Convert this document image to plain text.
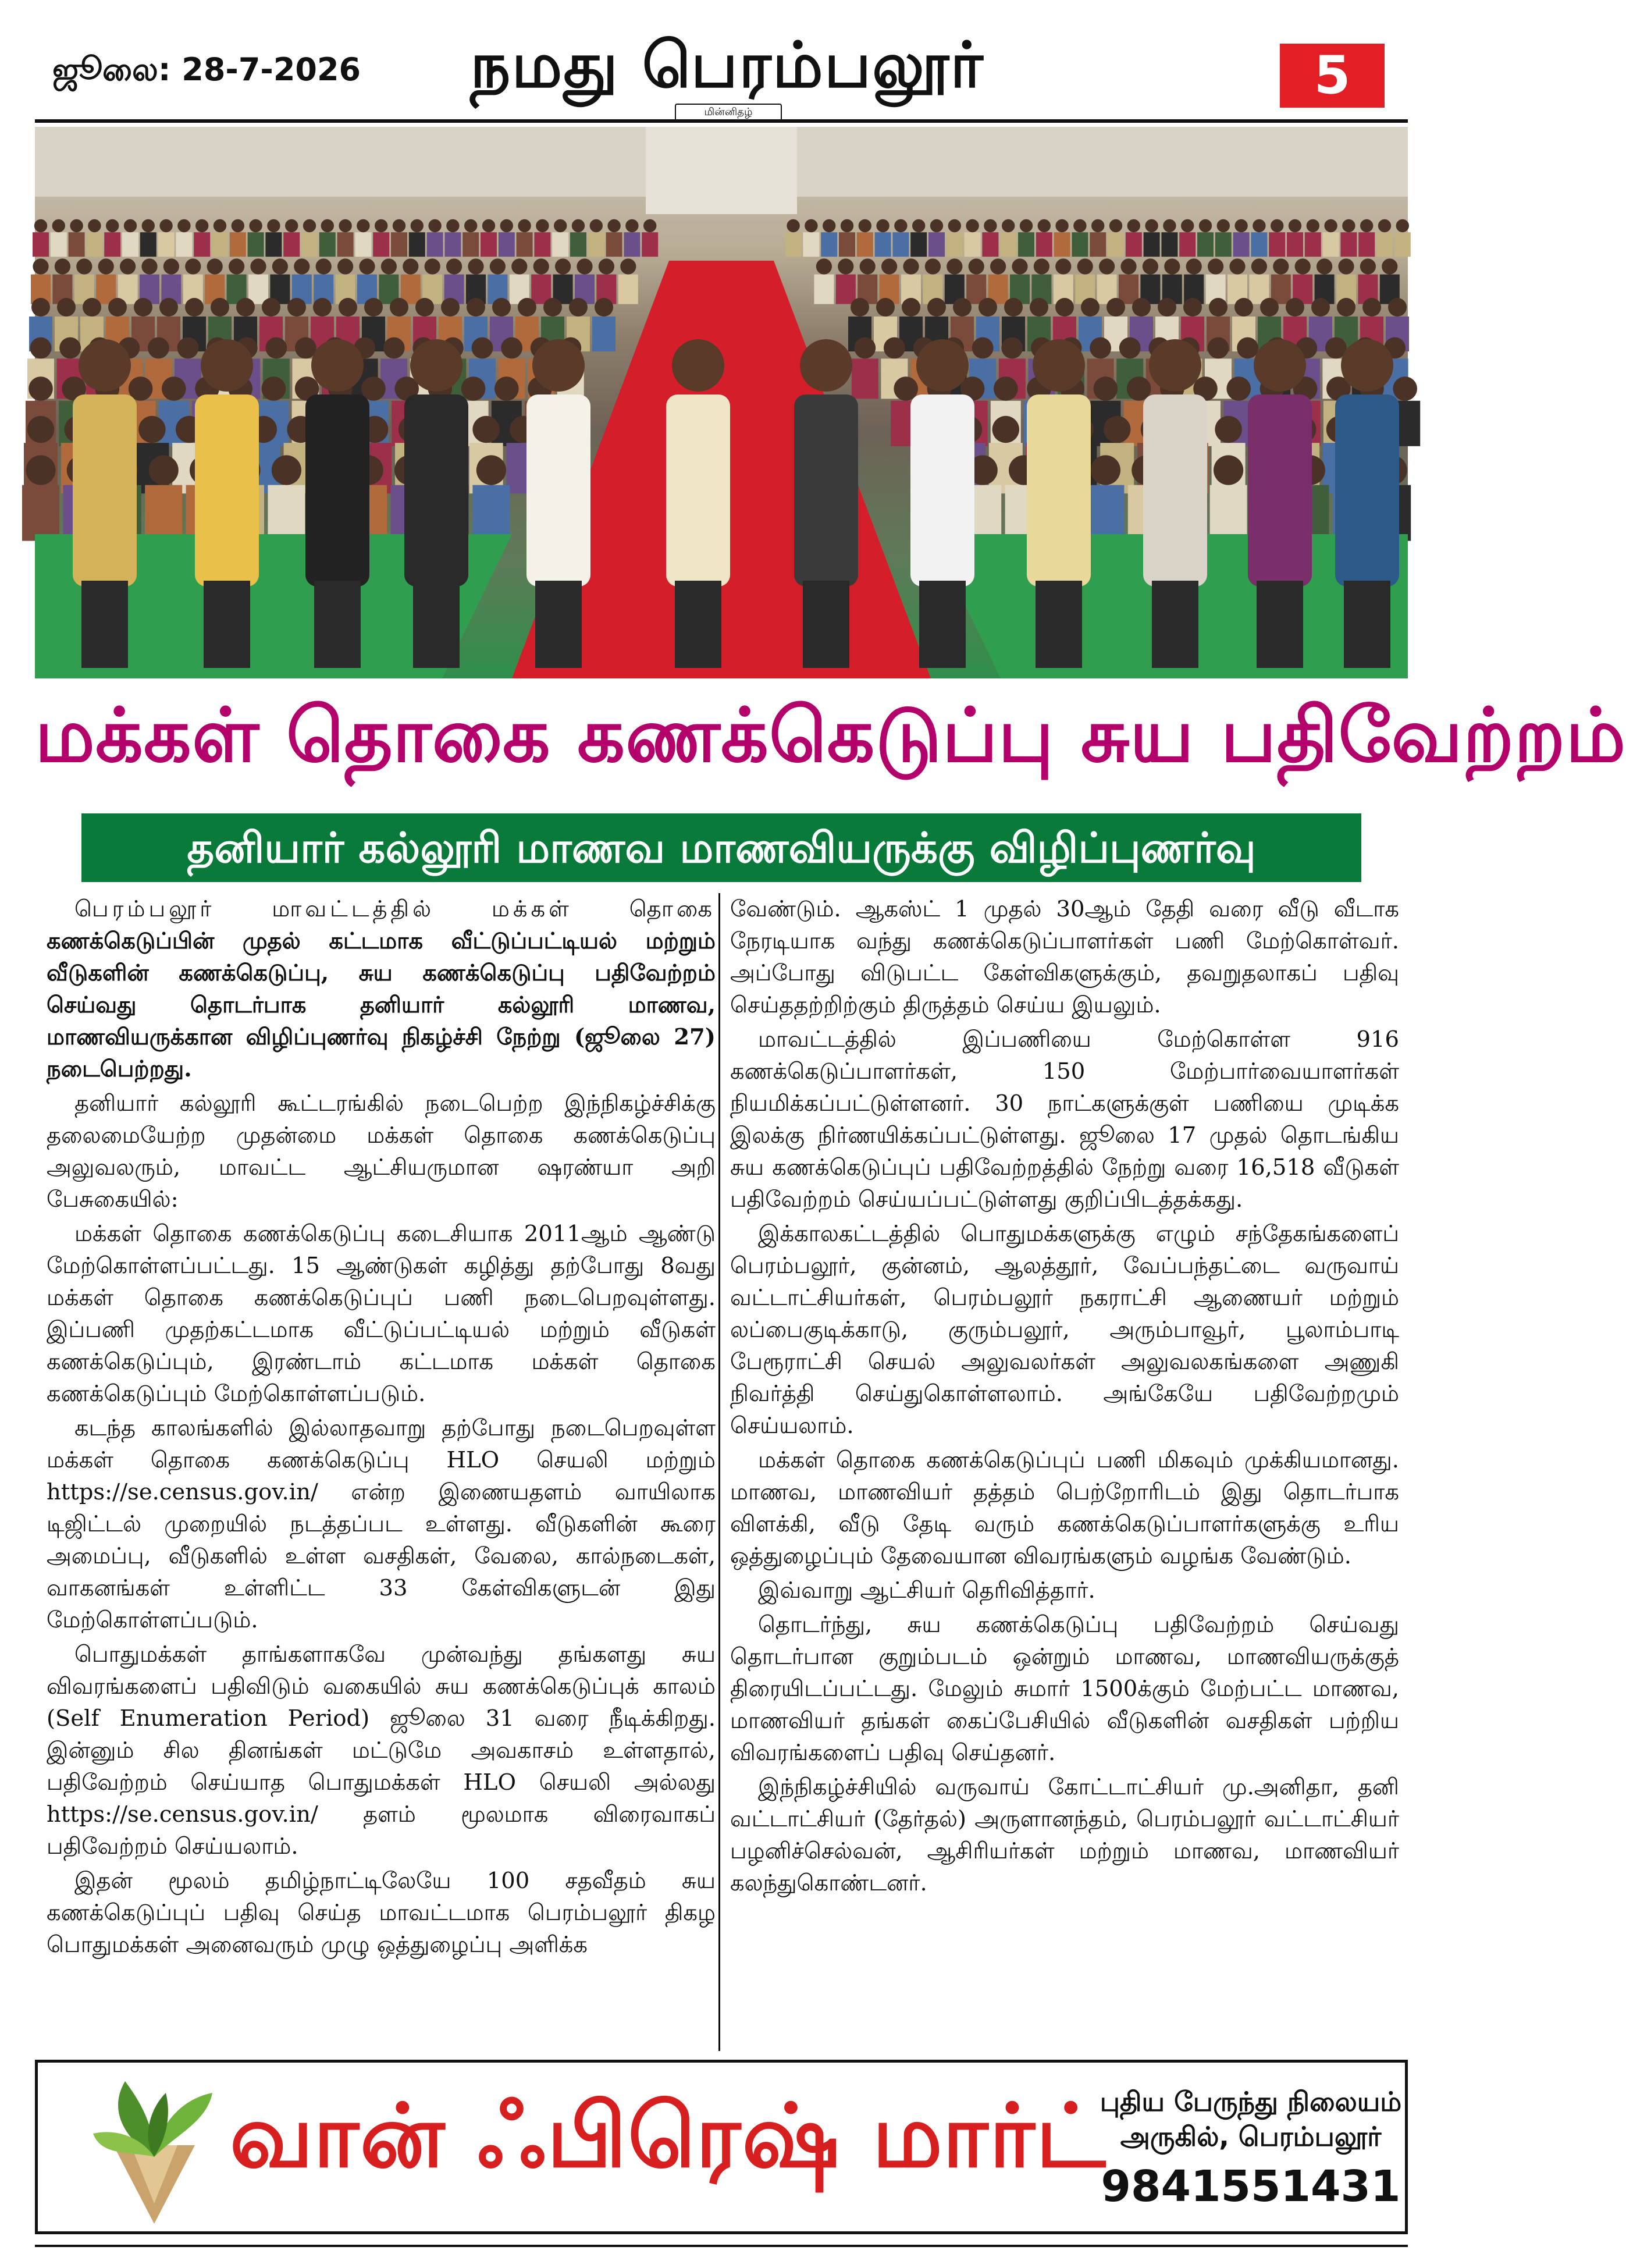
ஜூலை: 28-7-2026	நமது பெரம்பலூர்
மின்னிதழ்
5
மக்கள் தொகை கணக்கெடுப்பு சுய பதிவேற்றம்
தனியார் கல்லூரி மாணவ மாணவியருக்கு விழிப்புணர்வு

பெரம்பலூர் மாவட்டத்தில் மக்கள் தொகை கணக்கெடுப்பின் முதல் கட்டமாக வீட்டுப்பட்டியல் மற்றும் வீடுகளின் கணக்கெடுப்பு, சுய கணக்கெடுப்பு பதிவேற்றம் செய்வது தொடர்பாக தனியார் கல்லூரி மாணவ, மாணவியருக்கான விழிப்புணர்வு நிகழ்ச்சி நேற்று (ஜூலை 27) நடைபெற்றது.

தனியார் கல்லூரி கூட்டரங்கில் நடைபெற்ற இந்நிகழ்ச்சிக்கு தலைமையேற்ற முதன்மை மக்கள் தொகை கணக்கெடுப்பு அலுவலரும், மாவட்ட ஆட்சியருமான ஷரண்யா அறி பேசுகையில்:

மக்கள் தொகை கணக்கெடுப்பு கடைசியாக 2011ஆம் ஆண்டு மேற்கொள்ளப்பட்டது. 15 ஆண்டுகள் கழித்து தற்போது 8வது மக்கள் தொகை கணக்கெடுப்புப் பணி நடைபெறவுள்ளது. இப்பணி முதற்கட்டமாக வீட்டுப்பட்டியல் மற்றும் வீடுகள் கணக்கெடுப்பும், இரண்டாம் கட்டமாக மக்கள் தொகை கணக்கெடுப்பும் மேற்கொள்ளப்படும்.

கடந்த காலங்களில் இல்லாதவாறு தற்போது நடைபெறவுள்ள மக்கள் தொகை கணக்கெடுப்பு HLO செயலி மற்றும் https://se.census.gov.in/ என்ற இணையதளம் வாயிலாக டிஜிட்டல் முறையில் நடத்தப்பட உள்ளது. வீடுகளின் கூரை அமைப்பு, வீடுகளில் உள்ள வசதிகள், வேலை, கால்நடைகள், வாகனங்கள் உள்ளிட்ட 33 கேள்விகளுடன் இது மேற்கொள்ளப்படும்.

பொதுமக்கள் தாங்களாகவே முன்வந்து தங்களது சுய விவரங்களைப் பதிவிடும் வகையில் சுய கணக்கெடுப்புக் காலம் (Self Enumeration Period) ஜூலை 31 வரை நீடிக்கிறது. இன்னும் சில தினங்கள் மட்டுமே அவகாசம் உள்ளதால், பதிவேற்றம் செய்யாத பொதுமக்கள் HLO செயலி அல்லது https://se.census.gov.in/ தளம் மூலமாக விரைவாகப் பதிவேற்றம் செய்யலாம்.

இதன் மூலம் தமிழ்நாட்டிலேயே 100 சதவீதம் சுய கணக்கெடுப்புப் பதிவு செய்த மாவட்டமாக பெரம்பலூர் திகழ பொதுமக்கள் அனைவரும் முழு ஒத்துழைப்பு அளிக்க

வேண்டும். ஆகஸ்ட் 1 முதல் 30ஆம் தேதி வரை வீடு வீடாக நேரடியாக வந்து கணக்கெடுப்பாளர்கள் பணி மேற்கொள்வர். அப்போது விடுபட்ட கேள்விகளுக்கும், தவறுதலாகப் பதிவு செய்ததற்றிற்கும் திருத்தம் செய்ய இயலும்.

மாவட்டத்தில் இப்பணியை மேற்கொள்ள 916 கணக்கெடுப்பாளர்கள், 150 மேற்பார்வையாளர்கள் நியமிக்கப்பட்டுள்ளனர். 30 நாட்களுக்குள் பணியை முடிக்க இலக்கு நிர்ணயிக்கப்பட்டுள்ளது. ஜூலை 17 முதல் தொடங்கிய சுய கணக்கெடுப்புப் பதிவேற்றத்தில் நேற்று வரை 16,518 வீடுகள் பதிவேற்றம் செய்யப்பட்டுள்ளது குறிப்பிடத்தக்கது.

இக்காலகட்டத்தில் பொதுமக்களுக்கு எழும் சந்தேகங்களைப் பெரம்பலூர், குன்னம், ஆலத்தூர், வேப்பந்தட்டை வருவாய் வட்டாட்சியர்கள், பெரம்பலூர் நகராட்சி ஆணையர் மற்றும் லப்பைகுடிக்காடு, குரும்பலூர், அரும்பாவூர், பூலாம்பாடி பேரூராட்சி செயல் அலுவலர்கள் அலுவலகங்களை அணுகி நிவர்த்தி செய்துகொள்ளலாம். அங்கேயே பதிவேற்றமும் செய்யலாம்.

மக்கள் தொகை கணக்கெடுப்புப் பணி மிகவும் முக்கியமானது. மாணவ, மாணவியர் தத்தம் பெற்றோரிடம் இது தொடர்பாக விளக்கி, வீடு தேடி வரும் கணக்கெடுப்பாளர்களுக்கு உரிய ஒத்துழைப்பும் தேவையான விவரங்களும் வழங்க வேண்டும்.

இவ்வாறு ஆட்சியர் தெரிவித்தார்.

தொடர்ந்து, சுய கணக்கெடுப்பு பதிவேற்றம் செய்வது தொடர்பான குறும்படம் ஒன்றும் மாணவ, மாணவியருக்குத் திரையிடப்பட்டது. மேலும் சுமார் 1500க்கும் மேற்பட்ட மாணவ, மாணவியர் தங்கள் கைப்பேசியில் வீடுகளின் வசதிகள் பற்றிய விவரங்களைப் பதிவு செய்தனர்.

இந்நிகழ்ச்சியில் வருவாய் கோட்டாட்சியர் மு.அனிதா, தனி வட்டாட்சியர் (தேர்தல்) அருளானந்தம், பெரம்பலூர் வட்டாட்சியர் பழனிச்செல்வன், ஆசிரியர்கள் மற்றும் மாணவ, மாணவியர் கலந்துகொண்டனர்.

வான் ஃபிரெஷ் மார்ட்
புதிய பேருந்து நிலையம்
அருகில், பெரம்பலூர்
9841551431
